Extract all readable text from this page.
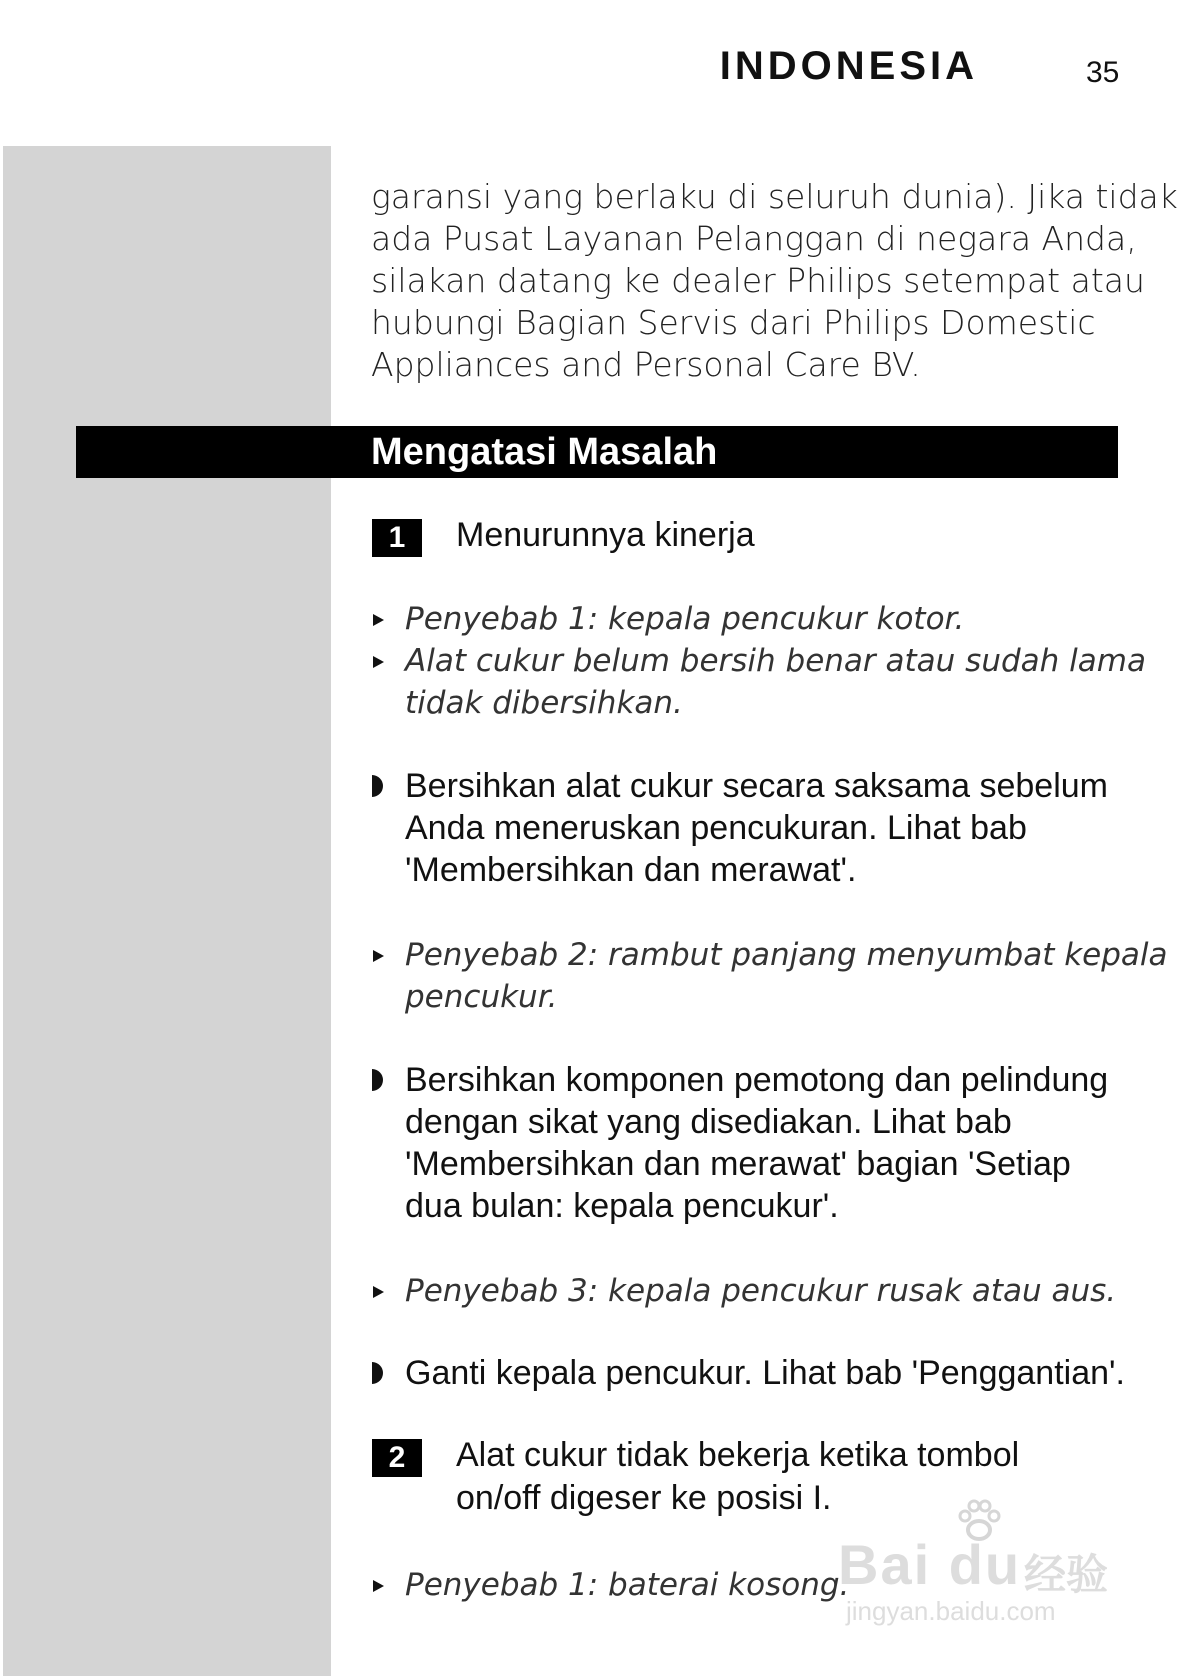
INDONESIA	35
garansi yang berlaku di seluruh dunia). Jika tidak
ada Pusat Layanan Pelanggan di negara Anda,
silakan datang ke dealer Philips setempat atau
hubungi Bagian Servis dari Philips Domestic
Appliances and Personal Care BV.
Mengatasi Masalah
1	Menurunnya kinerja
Penyebab 1: kepala pencukur kotor.
Alat cukur belum bersih benar atau sudah lama
tidak dibersihkan.
Bersihkan alat cukur secara saksama sebelum
Anda meneruskan pencukuran. Lihat bab
'Membersihkan dan merawat'.
Penyebab 2: rambut panjang menyumbat kepala
pencukur.
Bersihkan komponen pemotong dan pelindung
dengan sikat yang disediakan. Lihat bab
'Membersihkan dan merawat' bagian 'Setiap
dua bulan: kepala pencukur'.
Penyebab 3: kepala pencukur rusak atau aus.
Ganti kepala pencukur. Lihat bab 'Penggantian'.
2	Alat cukur tidak bekerja ketika tombol
on/off digeser ke posisi I.
Penyebab 1: baterai kosong.
Bai du 经验
jingyan.baidu.com
